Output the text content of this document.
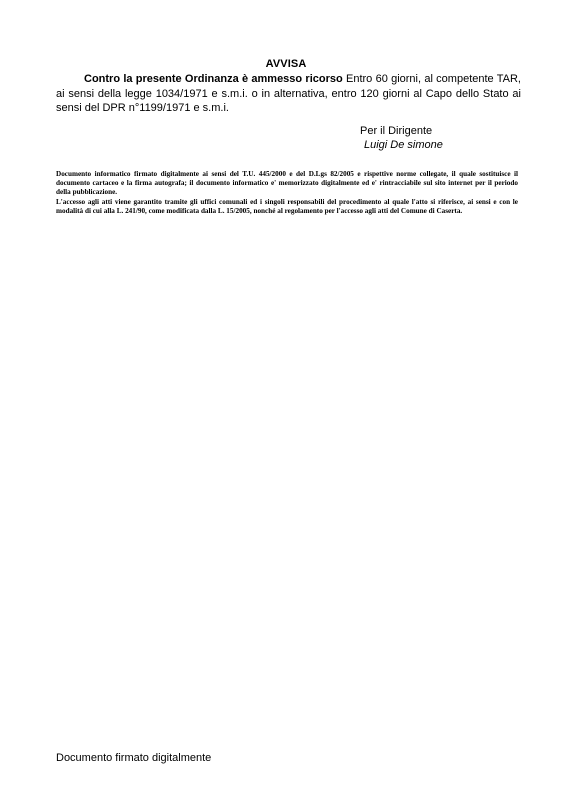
AVVISA
Contro la presente Ordinanza è ammesso ricorso Entro 60 giorni, al competente TAR, ai sensi della legge 1034/1971 e s.m.i. o in alternativa, entro 120 giorni al Capo dello Stato ai sensi del DPR n°1199/1971 e s.m.i.
Per il Dirigente
Luigi De simone

Documento informatico firmato digitalmente ai sensi del T.U. 445/2000 e del D.Lgs 82/2005 e rispettive norme collegate, il quale sostituisce il documento cartaceo e la firma autografa; il documento informatico e' memorizzato digitalmente ed e' rintracciabile sul sito internet per il periodo della pubblicazione.

L'accesso agli atti viene garantito tramite gli uffici comunali ed i singoli responsabili del procedimento al quale l'atto si riferisce, ai sensi e con le modalità di cui alla L. 241/90, come modificata dalla L. 15/2005, nonché al regolamento per l'accesso agli atti del Comune di Caserta.

Documento firmato digitalmente
